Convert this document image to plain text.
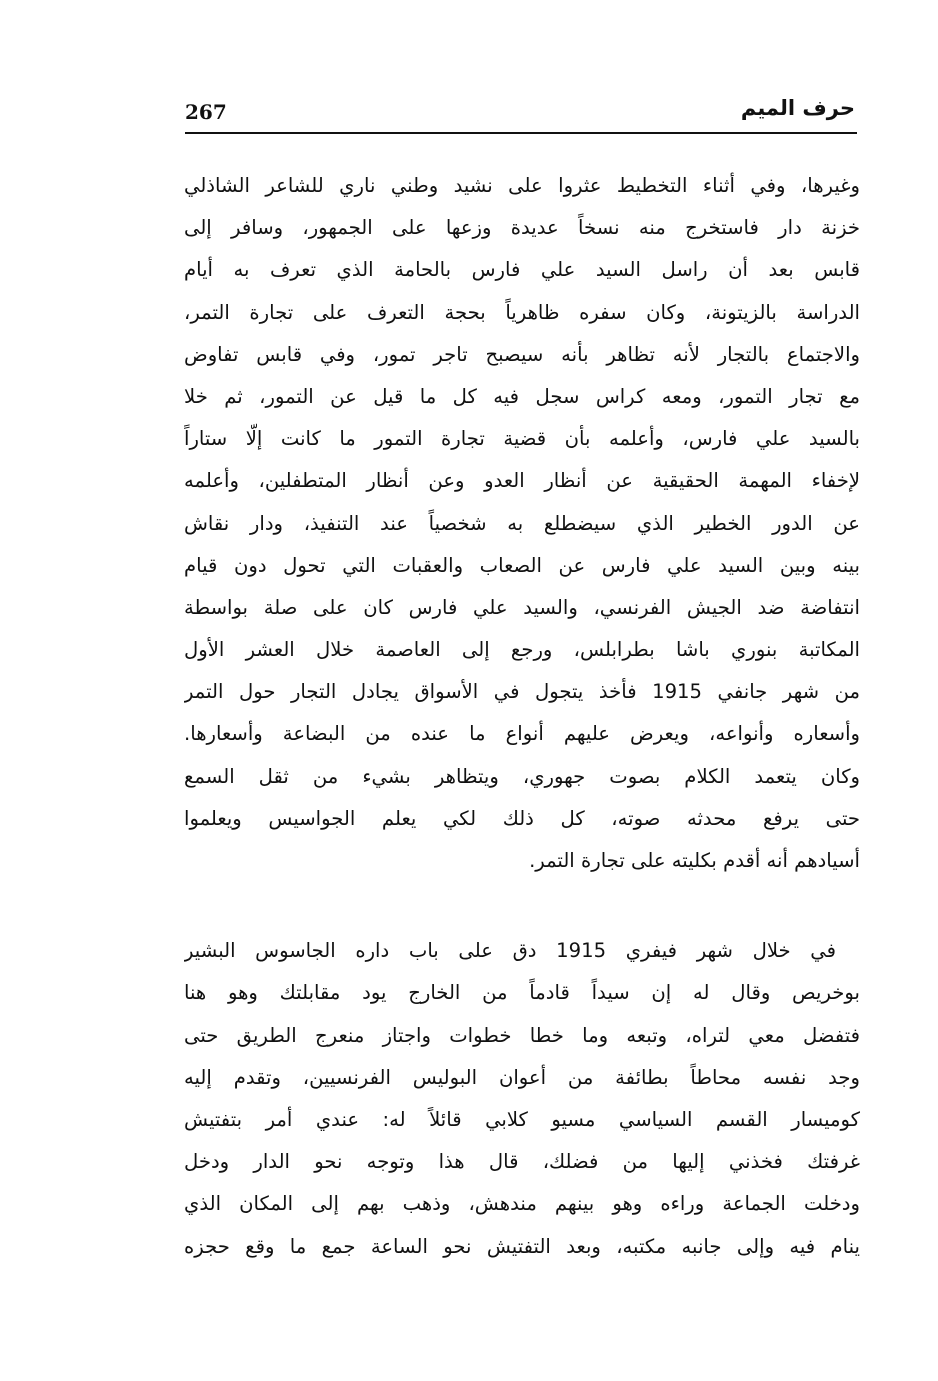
267	حرف الميم
وغيرها، وفي أثناء التخطيط عثروا على نشيد وطني ناري للشاعر الشاذلي
خزنة دار فاستخرج منه نسخاً عديدة وزعها على الجمهور، وسافر إلى
قابس بعد أن راسل السيد علي فارس بالحامة الذي تعرف به أيام
الدراسة بالزيتونة، وكان سفره ظاهرياً بحجة التعرف على تجارة التمر،
والاجتماع بالتجار لأنه تظاهر بأنه سيصبح تاجر تمور، وفي قابس تفاوض
مع تجار التمور، ومعه كراس سجل فيه كل ما قيل عن التمور، ثم خلا
بالسيد علي فارس، وأعلمه بأن قضية تجارة التمور ما كانت إلّا ستاراً
لإخفاء المهمة الحقيقية عن أنظار العدو وعن أنظار المتطفلين، وأعلمه
عن الدور الخطير الذي سيضطلع به شخصياً عند التنفيذ، ودار نقاش
بينه وبين السيد علي فارس عن الصعاب والعقبات التي تحول دون قيام
انتفاضة ضد الجيش الفرنسي، والسيد علي فارس كان على صلة بواسطة
المكاتبة بنوري باشا بطرابلس، ورجع إلى العاصمة خلال العشر الأول
من شهر جانفي 1915 فأخذ يتجول في الأسواق يجادل التجار حول التمر
وأسعاره وأنواعه، ويعرض عليهم أنواع ما عنده من البضاعة وأسعارها.
وكان يتعمد الكلام بصوت جهوري، ويتظاهر بشيء من ثقل السمع
حتى يرفع محدثه صوته، كل ذلك لكي يعلم الجواسيس ويعلموا
أسيادهم أنه أقدم بكليته على تجارة التمر.
في خلال شهر فيفري 1915 دق على باب داره الجاسوس البشير
بوخريص وقال له إن سيداً قادماً من الخارج يود مقابلتك وهو هنا
فتفضل معي لتراه، وتبعه وما خطا خطوات واجتاز منعرج الطريق حتى
وجد نفسه محاطاً بطائفة من أعوان البوليس الفرنسيين، وتقدم إليه
كوميسار القسم السياسي مسيو كلابي قائلاً له: عندي أمر بتفتيش
غرفتك فخذني إليها من فضلك، قال هذا وتوجه نحو الدار ودخل
ودخلت الجماعة وراءه وهو بينهم مندهش، وذهب بهم إلى المكان الذي
ينام فيه وإلى جانبه مكتبه، وبعد التفتيش نحو الساعة جمع ما وقع حجزه
